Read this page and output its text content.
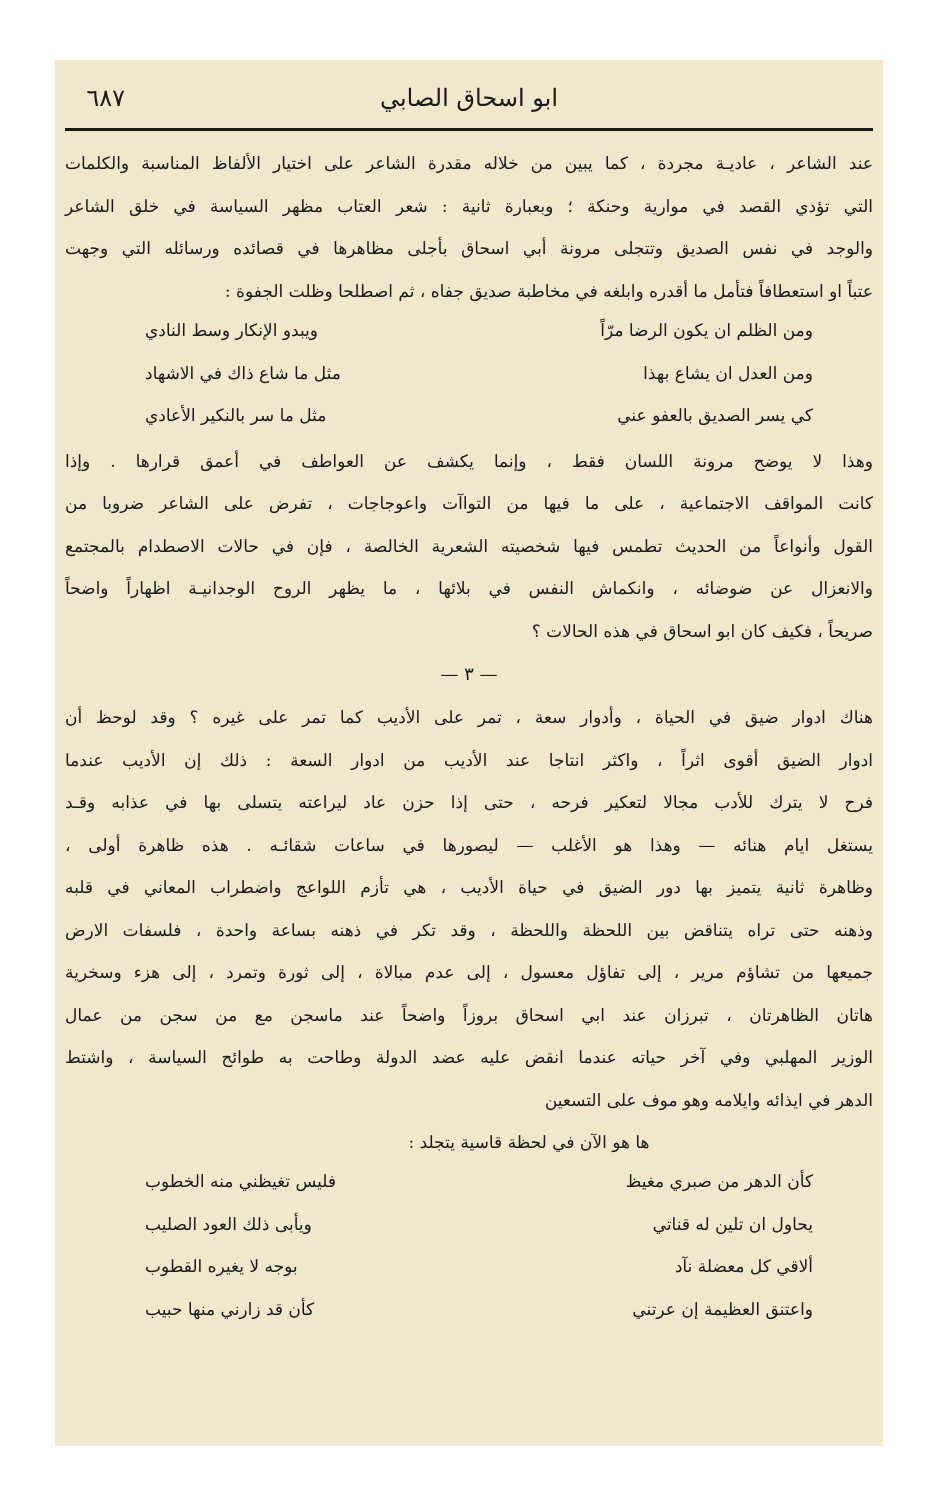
٦٨٧	ابو اسحاق الصابي
عند الشاعر ، عاديـة مجردة ، كما يبين من خلاله مقدرة الشاعر على اختيار الألفاظ المناسبة والكلمات
التي تؤدي القصد في موارية وحنكة ؛ وبعبارة ثانية : شعر العتاب مظهر السياسة في خلق الشاعر
والوجد في نفس الصديق وتتجلى مرونة أبي اسحاق بأجلى مظاهرها في قصائده ورسائله التي وجهت
عتباً او استعطافاً فتأمل ما أقدره وابلغه في مخاطبة صديق جفاه ، ثم اصطلحا وظلت الجفوة :
ومن الظلم ان يكون الرضا مرّاً
ويبدو الإنكار وسط النادي
ومن العدل ان يشاع بهذا
مثل ما شاع ذاك في الاشهاد
كي يسر الصديق بالعفو عني
مثل ما سر بالنكير الأعادي
وهذا لا يوضح مرونة اللسان فقط ، وإنما يكشف عن العواطف في أعمق قرارها . وإذا
كانت المواقف الاجتماعية ، على ما فيها من التواآت واعوجاجات ، تفرض على الشاعر ضروبا من
القول وأنواعاً من الحديث تطمس فيها شخصيته الشعرية الخالصة ، فإن في حالات الاصطدام بالمجتمع
والانعزال عن ضوضائه ، وانكماش النفس في بلائها ، ما يظهر الروح الوجدانيـة اظهاراً واضحاً
صريحاً ، فكيف كان ابو اسحاق في هذه الحالات ؟
— ٣ —
هناك ادوار ضيق في الحياة ، وأدوار سعة ، تمر على الأديب كما تمر على غيره ؟ وقد لوحظ أن
ادوار الضيق أقوى اثراً ، واكثر انتاجا عند الأديب من ادوار السعة : ذلك إن الأديب عندما
فرح لا يترك للأدب مجالا لتعكير فرحه ، حتى إذا حزن عاد ليراعته يتسلى بها في عذابه وقـد
يستغل ايام هنائه — وهذا هو الأغلب — ليصورها في ساعات شقائـه . هذه ظاهرة أولى ،
وظاهرة ثانية يتميز بها دور الضيق في حياة الأديب ، هي تأزم اللواعج واضطراب المعاني في قلبه
وذهنه حتى تراه يتناقض بين اللحظة واللحظة ، وقد تكر في ذهنه بساعة واحدة ، فلسفات الارض
جميعها من تشاؤم مرير ، إلى تفاؤل معسول ، إلى عدم مبالاة ، إلى ثورة وتمرد ، إلى هزء وسخرية
هاتان الظاهرتان ، تبرزان عند ابي اسحاق بروزاً واضحاً عند ماسجن مع من سجن من عمال
الوزير المهلبي وفي آخر حياته عندما انقض عليه عضد الدولة وطاحت به طوائح السياسة ، واشتط
الدهر في ايذائه وايلامه وهو موف على التسعين
ها هو الآن في لحظة قاسية يتجلد :
كأن الدهر من صبري مغيظ
فليس تغيظني منه الخطوب
يحاول ان تلين له قناتي
ويأبى ذلك العود الصليب
ألاقي كل معضلة نآد
بوجه لا يغيره القطوب
واعتنق العظيمة إن عرتني
كأن قد زارني منها حبيب
